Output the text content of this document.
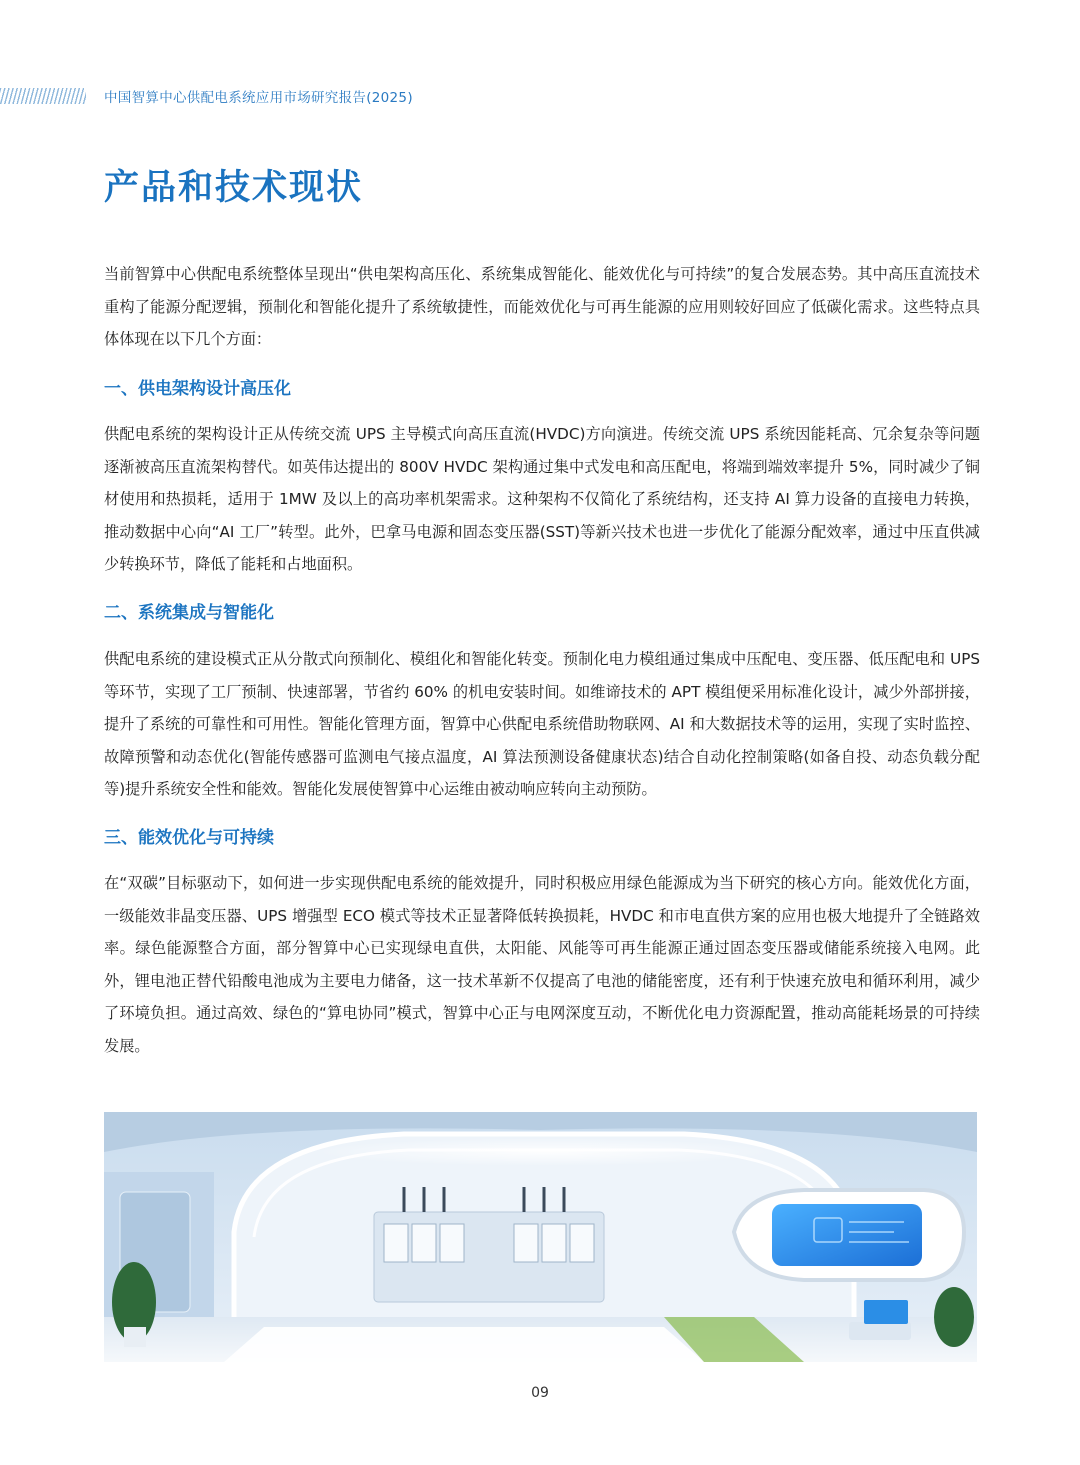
中国智算中心供配电系统应用市场研究报告(2025)
产品和技术现状

当前智算中心供配电系统整体呈现出“供电架构高压化、系统集成智能化、能效优化与可持续”的复合发展态势。其中高压直流技术重构了能源分配逻辑，预制化和智能化提升了系统敏捷性，而能效优化与可再生能源的应用则较好回应了低碳化需求。这些特点具体体现在以下几个方面：

一、供电架构设计高压化

供配电系统的架构设计正从传统交流 UPS 主导模式向高压直流(HVDC)方向演进。传统交流 UPS 系统因能耗高、冗余复杂等问题逐渐被高压直流架构替代。如英伟达提出的 800V HVDC 架构通过集中式发电和高压配电，将端到端效率提升 5%，同时减少了铜材使用和热损耗，适用于 1MW 及以上的高功率机架需求。这种架构不仅简化了系统结构，还支持 AI 算力设备的直接电力转换，推动数据中心向“AI 工厂”转型。此外，巴拿马电源和固态变压器(SST)等新兴技术也进一步优化了能源分配效率，通过中压直供减少转换环节，降低了能耗和占地面积。

二、系统集成与智能化

供配电系统的建设模式正从分散式向预制化、模组化和智能化转变。预制化电力模组通过集成中压配电、变压器、低压配电和 UPS 等环节，实现了工厂预制、快速部署，节省约 60% 的机电安装时间。如维谛技术的 APT 模组便采用标准化设计，减少外部拼接，提升了系统的可靠性和可用性。智能化管理方面，智算中心供配电系统借助物联网、AI 和大数据技术等的运用，实现了实时监控、故障预警和动态优化(智能传感器可监测电气接点温度，AI 算法预测设备健康状态)结合自动化控制策略(如备自投、动态负载分配等)提升系统安全性和能效。智能化发展使智算中心运维由被动响应转向主动预防。

三、能效优化与可持续

在“双碳”目标驱动下，如何进一步实现供配电系统的能效提升，同时积极应用绿色能源成为当下研究的核心方向。能效优化方面，一级能效非晶变压器、UPS 增强型 ECO 模式等技术正显著降低转换损耗，HVDC 和市电直供方案的应用也极大地提升了全链路效率。绿色能源整合方面，部分智算中心已实现绿电直供，太阳能、风能等可再生能源正通过固态变压器或储能系统接入电网。此外，锂电池正替代铅酸电池成为主要电力储备，这一技术革新不仅提高了电池的储能密度，还有利于快速充放电和循环利用，减少了环境负担。通过高效、绿色的“算电协同”模式，智算中心正与电网深度互动，不断优化电力资源配置，推动高能耗场景的可持续发展。

09
